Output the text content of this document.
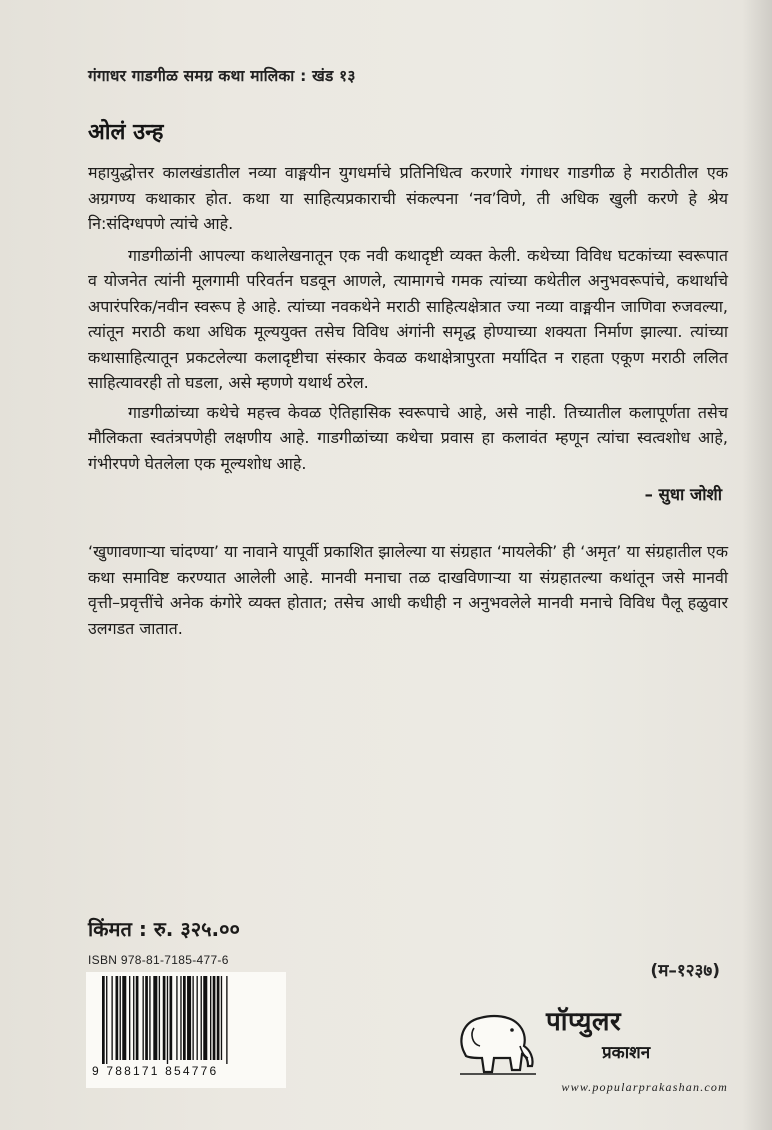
गंगाधर गाडगीळ समग्र कथा मालिका : खंड १३
ओलं उन्ह

महायुद्धोत्तर कालखंडातील नव्या वाङ्मयीन युगधर्माचे प्रतिनिधित्व करणारे गंगाधर गाडगीळ हे मराठीतील एक अग्रगण्य कथाकार होत. कथा या साहित्यप्रकाराची संकल्पना ‘नव’विणे, ती अधिक खुली करणे हे श्रेय नि:संदिग्धपणे त्यांचे आहे.

गाडगीळांनी आपल्या कथालेखनातून एक नवी कथादृष्टी व्यक्त केली. कथेच्या विविध घटकांच्या स्वरूपात व योजनेत त्यांनी मूलगामी परिवर्तन घडवून आणले, त्यामागचे गमक त्यांच्या कथेतील अनुभवरूपांचे, कथार्थाचे अपारंपरिक/नवीन स्वरूप हे आहे. त्यांच्या नवकथेने मराठी साहित्यक्षेत्रात ज्या नव्या वाङ्मयीन जाणिवा रुजवल्या, त्यांतून मराठी कथा अधिक मूल्ययुक्त तसेच विविध अंगांनी समृद्ध होण्याच्या शक्यता निर्माण झाल्या. त्यांच्या कथासाहित्यातून प्रकटलेल्या कलादृष्टीचा संस्कार केवळ कथाक्षेत्रापुरता मर्यादित न राहता एकूण मराठी ललित साहित्यावरही तो घडला, असे म्हणणे यथार्थ ठरेल.

गाडगीळांच्या कथेचे महत्त्व केवळ ऐतिहासिक स्वरूपाचे आहे, असे नाही. तिच्यातील कलापूर्णता तसेच मौलिकता स्वतंत्रपणेही लक्षणीय आहे. गाडगीळांच्या कथेचा प्रवास हा कलावंत म्हणून त्यांचा स्वत्वशोध आहे, गंभीरपणे घेतलेला एक मूल्यशोध आहे.

– सुधा जोशी

‘खुणावणाऱ्या चांदण्या’ या नावाने यापूर्वी प्रकाशित झालेल्या या संग्रहात ‘मायलेकी’ ही ‘अमृत’ या संग्रहातील एक कथा समाविष्ट करण्यात आलेली आहे. मानवी मनाचा तळ दाखविणाऱ्या या संग्रहातल्या कथांतून जसे मानवी वृत्ती–प्रवृत्तींचे अनेक कंगोरे व्यक्त होतात; तसेच आधी कधीही न अनुभवलेले मानवी मनाचे विविध पैलू हळुवार उलगडत जातात.

किंमत : रु. ३२५.००
ISBN 978-81-7185-477-6
9 788171 854776
(म–१२३७)
पॉप्युलर
प्रकाशन
www.popularprakashan.com
